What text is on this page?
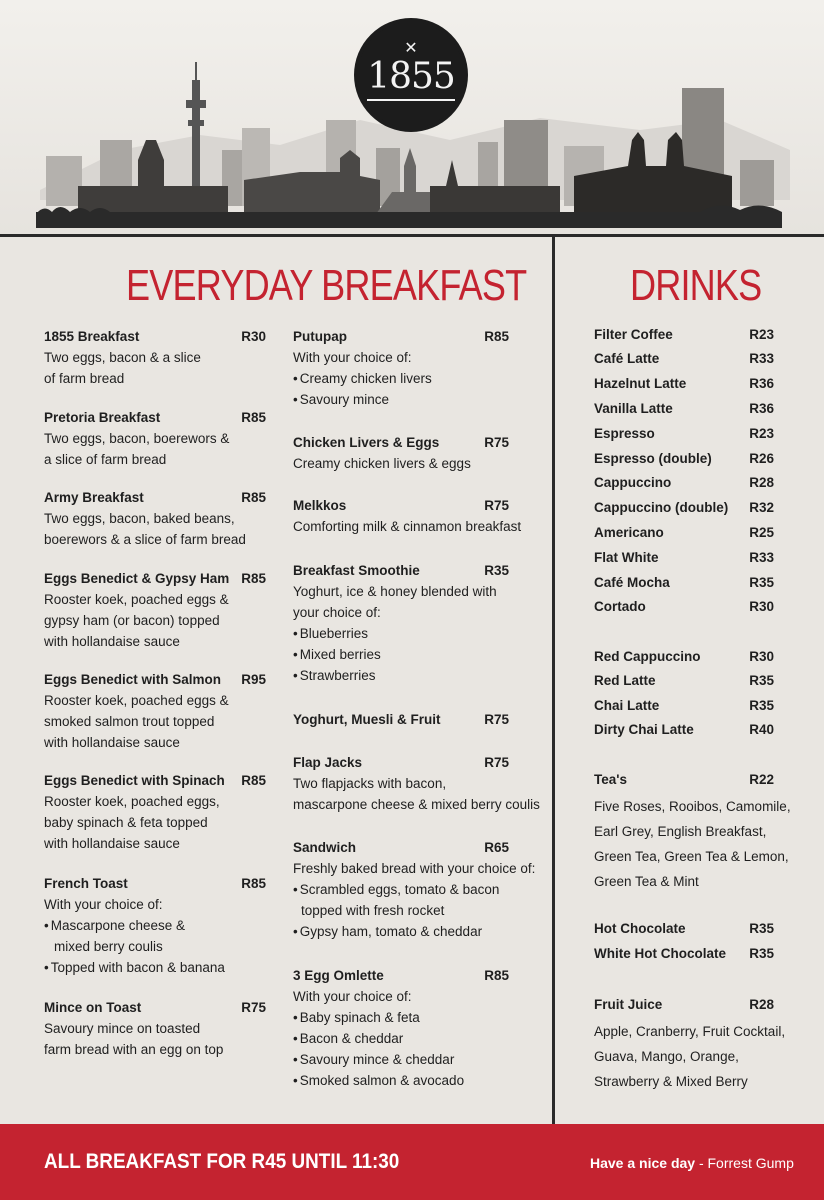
✕
1855
EVERYDAY BREAKFAST DRINKS
1855 Breakfast	R30
Two eggs, bacon & a slice
of farm bread
Pretoria Breakfast	R85
Two eggs, bacon, boerewors &
a slice of farm bread
Army Breakfast	R85
Two eggs, bacon, baked beans,
boerewors & a slice of farm bread
Eggs Benedict & Gypsy Ham R85
Rooster koek, poached eggs &
gypsy ham (or bacon) topped
with hollandaise sauce
Eggs Benedict with Salmon R95
Rooster koek, poached eggs &
smoked salmon trout topped
with hollandaise sauce
Eggs Benedict with Spinach R85
Rooster koek, poached eggs,
baby spinach & feta topped
with hollandaise sauce
French Toast	R85
With your choice of:
• Mascarpone cheese &
mixed berry coulis
• Topped with bacon & banana
Mince on Toast	R75
Savoury mince on toasted
farm bread with an egg on top
Putupap	R85
With your choice of:
• Creamy chicken livers
• Savoury mince
Chicken Livers & Eggs	R75
Creamy chicken livers & eggs
Melkkos	R75
Comforting milk & cinnamon breakfast
Breakfast Smoothie	R35
Yoghurt, ice & honey blended with
your choice of:
• Blueberries
• Mixed berries
• Strawberries
Yoghurt, Muesli & Fruit	R75
Flap Jacks	R75
Two flapjacks with bacon,
mascarpone cheese & mixed berry coulis
Sandwich	R65
Freshly baked bread with your choice of:
• Scrambled eggs, tomato & bacon
topped with fresh rocket
• Gypsy ham, tomato & cheddar
3 Egg Omlette	R85
With your choice of:
• Baby spinach & feta
• Bacon & cheddar
• Savoury mince & cheddar
• Smoked salmon & avocado
Filter Coffee	R23
Café Latte	R33
Hazelnut Latte	R36
Vanilla Latte	R36
Espresso	R23
Espresso (double)	R26
Cappuccino	R28
Cappuccino (double) R32
Americano	R25
Flat White	R33
Café Mocha	R35
Cortado	R30
Red Cappuccino	R30
Red Latte	R35
Chai Latte	R35
Dirty Chai Latte	R40
Tea's	R22
Five Roses, Rooibos, Camomile,
Earl Grey, English Breakfast,
Green Tea, Green Tea & Lemon,
Green Tea & Mint
Hot Chocolate	R35
White Hot Chocolate R35
Fruit Juice	R28
Apple, Cranberry, Fruit Cocktail,
Guava, Mango, Orange,
Strawberry & Mixed Berry
ALL BREAKFAST FOR R45 UNTIL 11:30	Have a nice day - Forrest Gump
